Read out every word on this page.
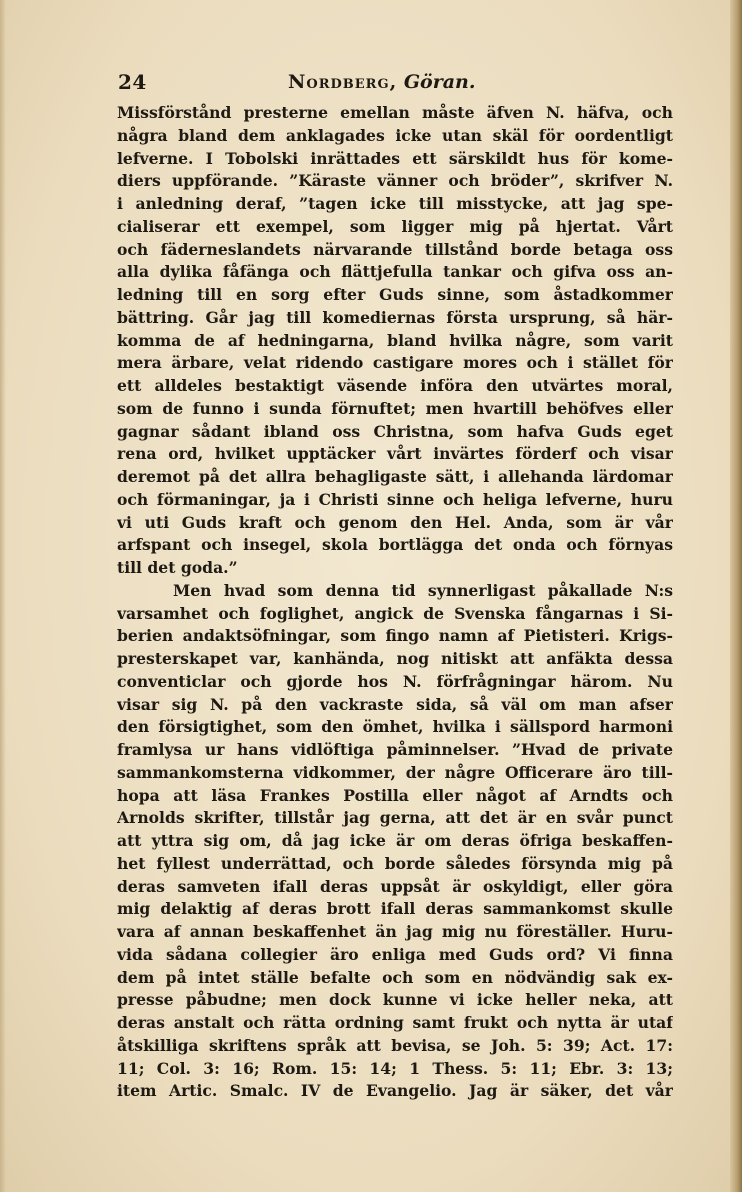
24	Nordberg, Göran.
Missförstånd presterne emellan måste äfven N. häfva, och
några bland dem anklagades icke utan skäl för oordentligt
lefverne. I Tobolski inrättades ett särskildt hus för kome-
diers uppförande. ”Käraste vänner och bröder”, skrifver N.
i anledning deraf, ”tagen icke till misstycke, att jag spe-
cialiserar ett exempel, som ligger mig på hjertat. Vårt
och fäderneslandets närvarande tillstånd borde betaga oss
alla dylika fåfänga och flättjefulla tankar och gifva oss an-
ledning till en sorg efter Guds sinne, som åstadkommer
bättring. Går jag till komediernas första ursprung, så här-
komma de af hedningarna, bland hvilka någre, som varit
mera ärbare, velat ridendo castigare mores och i stället för
ett alldeles bestaktigt väsende införa den utvärtes moral,
som de funno i sunda förnuftet; men hvartill behöfves eller
gagnar sådant ibland oss Christna, som hafva Guds eget
rena ord, hvilket upptäcker vårt invärtes förderf och visar
deremot på det allra behagligaste sätt, i allehanda lärdomar
och förmaningar, ja i Christi sinne och heliga lefverne, huru
vi uti Guds kraft och genom den Hel. Anda, som är vår
arfspant och insegel, skola bortlägga det onda och förnyas
till det goda.”
Men hvad som denna tid synnerligast påkallade N:s
varsamhet och foglighet, angick de Svenska fångarnas i Si-
berien andaktsöfningar, som fingo namn af Pietisteri. Krigs-
presterskapet var, kanhända, nog nitiskt att anfäkta dessa
conventiclar och gjorde hos N. förfrågningar härom. Nu
visar sig N. på den vackraste sida, så väl om man afser
den försigtighet, som den ömhet, hvilka i sällspord harmoni
framlysa ur hans vidlöftiga påminnelser. ”Hvad de private
sammankomsterna vidkommer, der någre Officerare äro till-
hopa att läsa Frankes Postilla eller något af Arndts och
Arnolds skrifter, tillstår jag gerna, att det är en svår punct
att yttra sig om, då jag icke är om deras öfriga beskaffen-
het fyllest underrättad, och borde således försynda mig på
deras samveten ifall deras uppsåt är oskyldigt, eller göra
mig delaktig af deras brott ifall deras sammankomst skulle
vara af annan beskaffenhet än jag mig nu föreställer. Huru-
vida sådana collegier äro enliga med Guds ord? Vi finna
dem på intet ställe befalte och som en nödvändig sak ex-
presse påbudne; men dock kunne vi icke heller neka, att
deras anstalt och rätta ordning samt frukt och nytta är utaf
åtskilliga skriftens språk att bevisa, se Joh. 5: 39; Act. 17:
11; Col. 3: 16; Rom. 15: 14; 1 Thess. 5: 11; Ebr. 3: 13;
item Artic. Smalc. IV de Evangelio. Jag är säker, det vår
